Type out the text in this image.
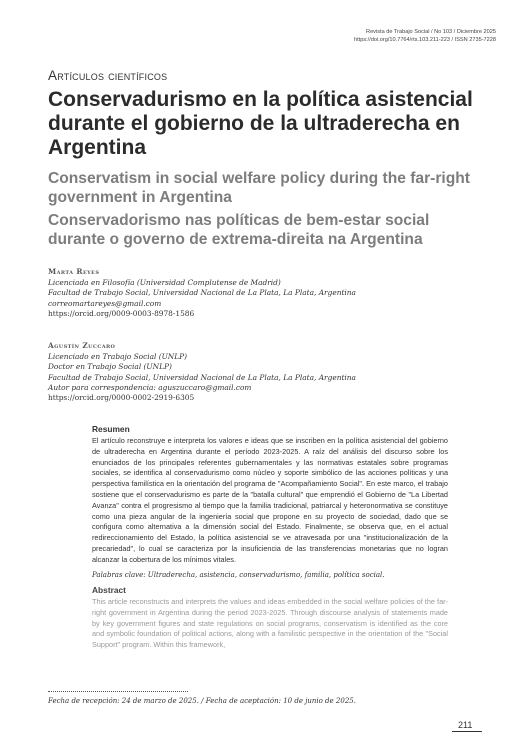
Revista de Trabajo Social / No 103 / Diciembre 2025
https://doi.org/10.7764/rts.103.211-223 / ISSN 2735-7228
Artículos científicos
Conservadurismo en la política asistencial durante el gobierno de la ultraderecha en Argentina
Conservatism in social welfare policy during the far-right government in Argentina
Conservadorismo nas políticas de bem-estar social durante o governo de extrema-direita na Argentina
Marta Reyes
Licenciada en Filosofía (Universidad Complutense de Madrid)
Facultad de Trabajo Social, Universidad Nacional de La Plata, La Plata, Argentina
correomartareyes@gmail.com
https://orcid.org/0009-0003-8978-1586
Agustín Zuccaro
Licenciado en Trabajo Social (UNLP)
Doctor en Trabajo Social (UNLP)
Facultad de Trabajo Social, Universidad Nacional de La Plata, La Plata, Argentina
Autor para correspondencia: aguszuccaro@gmail.com
https://orcid.org/0000-0002-2919-6305
Resumen

El artículo reconstruye e interpreta los valores e ideas que se inscriben en la política asistencial del gobierno de ultraderecha en Argentina durante el período 2023-2025. A raíz del análisis del discurso sobre los enunciados de los principales referentes gubernamentales y las normativas estatales sobre programas sociales, se identifica al conservadurismo como núcleo y soporte simbólico de las acciones políticas y una perspectiva familística en la orientación del programa de "Acompañamiento Social". En este marco, el trabajo sostiene que el conservadurismo es parte de la "batalla cultural" que emprendió el Gobierno de "La Libertad Avanza" contra el progresismo al tiempo que la familia tradicional, patriarcal y heteronormativa se constituye como una pieza angular de la ingeniería social que propone en su proyecto de sociedad, dado que se configura como alternativa a la dimensión social del Estado. Finalmente, se observa que, en el actual redireccionamiento del Estado, la política asistencial se ve atravesada por una "institucionalización de la precariedad", lo cual se caracteriza por la insuficiencia de las transferencias monetarias que no logran alcanzar la cobertura de los mínimos vitales.

Palabras clave: Ultraderecha, asistencia, conservadurismo, familia, política social.

Abstract

This article reconstructs and interprets the values and ideas embedded in the social welfare policies of the far-right government in Argentina during the period 2023-2025. Through discourse analysis of statements made by key government figures and state regulations on social programs, conservatism is identified as the core and symbolic foundation of political actions, along with a familistic perspective in the orientation of the "Social Support" program. Within this framework,

Fecha de recepción: 24 de marzo de 2025. / Fecha de aceptación: 10 de junio de 2025.
211
